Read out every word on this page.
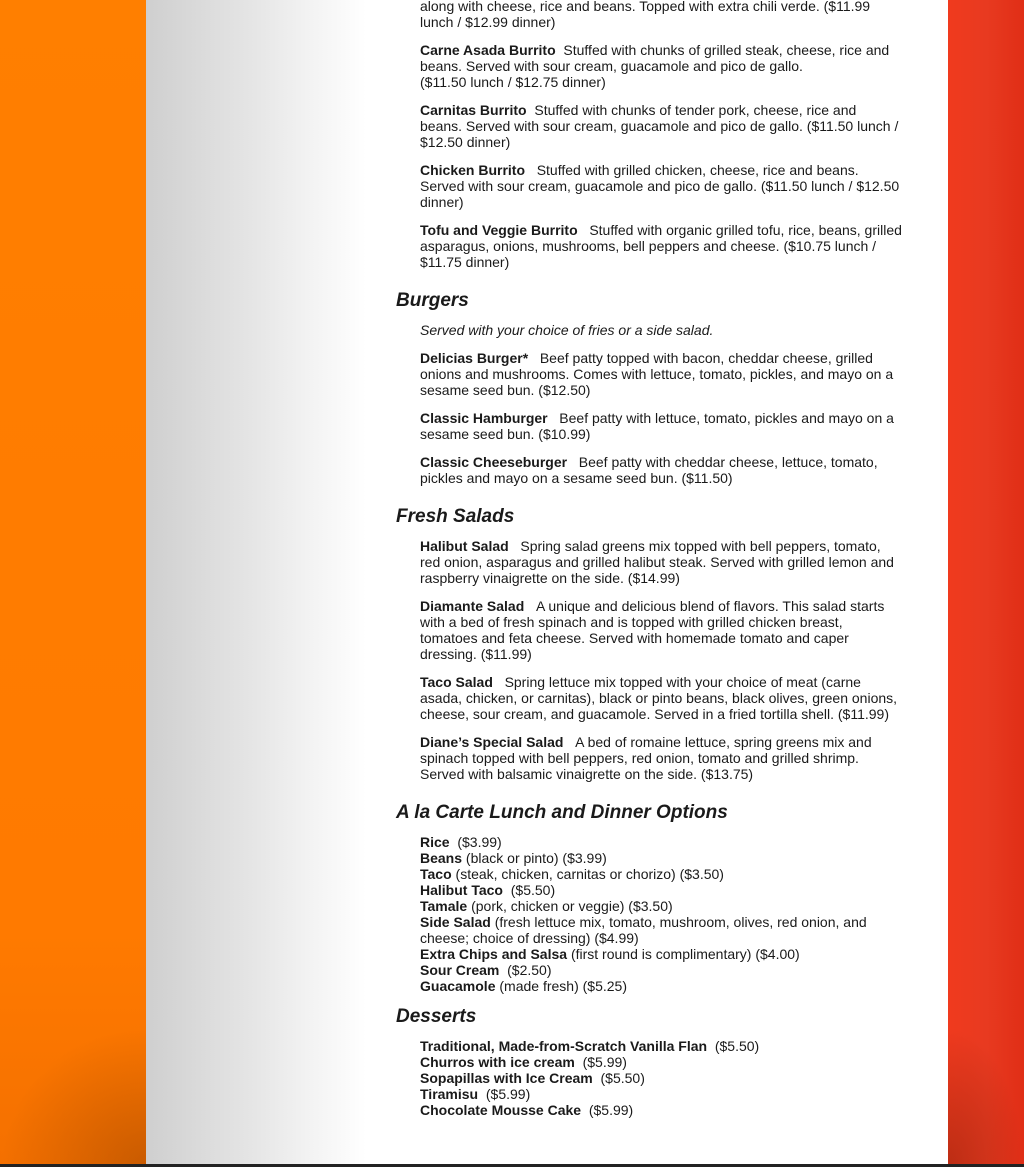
along with cheese, rice and beans. Topped with extra chili verde. ($11.99 lunch / $12.99 dinner)
Carne Asada Burrito Stuffed with chunks of grilled steak, cheese, rice and beans. Served with sour cream, guacamole and pico de gallo.
($11.50 lunch / $12.75 dinner)
Carnitas Burrito Stuffed with chunks of tender pork, cheese, rice and beans. Served with sour cream, guacamole and pico de gallo. ($11.50 lunch / $12.50 dinner)
Chicken Burrito Stuffed with grilled chicken, cheese, rice and beans. Served with sour cream, guacamole and pico de gallo. ($11.50 lunch / $12.50 dinner)
Tofu and Veggie Burrito Stuffed with organic grilled tofu, rice, beans, grilled asparagus, onions, mushrooms, bell peppers and cheese. ($10.75 lunch / $11.75 dinner)
Burgers
Served with your choice of fries or a side salad.
Delicias Burger* Beef patty topped with bacon, cheddar cheese, grilled onions and mushrooms. Comes with lettuce, tomato, pickles, and mayo on a sesame seed bun. ($12.50)
Classic Hamburger Beef patty with lettuce, tomato, pickles and mayo on a sesame seed bun. ($10.99)
Classic Cheeseburger Beef patty with cheddar cheese, lettuce, tomato, pickles and mayo on a sesame seed bun. ($11.50)
Fresh Salads
Halibut Salad Spring salad greens mix topped with bell peppers, tomato, red onion, asparagus and grilled halibut steak. Served with grilled lemon and raspberry vinaigrette on the side. ($14.99)
Diamante Salad A unique and delicious blend of flavors. This salad starts with a bed of fresh spinach and is topped with grilled chicken breast, tomatoes and feta cheese. Served with homemade tomato and caper dressing. ($11.99)
Taco Salad Spring lettuce mix topped with your choice of meat (carne asada, chicken, or carnitas), black or pinto beans, black olives, green onions, cheese, sour cream, and guacamole. Served in a fried tortilla shell. ($11.99)
Diane’s Special Salad A bed of romaine lettuce, spring greens mix and spinach topped with bell peppers, red onion, tomato and grilled shrimp. Served with balsamic vinaigrette on the side. ($13.75)
A la Carte Lunch and Dinner Options
Rice ($3.99)
Beans (black or pinto) ($3.99)
Taco (steak, chicken, carnitas or chorizo) ($3.50)
Halibut Taco ($5.50)
Tamale (pork, chicken or veggie) ($3.50)
Side Salad (fresh lettuce mix, tomato, mushroom, olives, red onion, and cheese; choice of dressing) ($4.99)
Extra Chips and Salsa (first round is complimentary) ($4.00)
Sour Cream ($2.50)
Guacamole (made fresh) ($5.25)
Desserts
Traditional, Made-from-Scratch Vanilla Flan ($5.50)
Churros with ice cream ($5.99)
Sopapillas with Ice Cream ($5.50)
Tiramisu ($5.99)
Chocolate Mousse Cake ($5.99)
